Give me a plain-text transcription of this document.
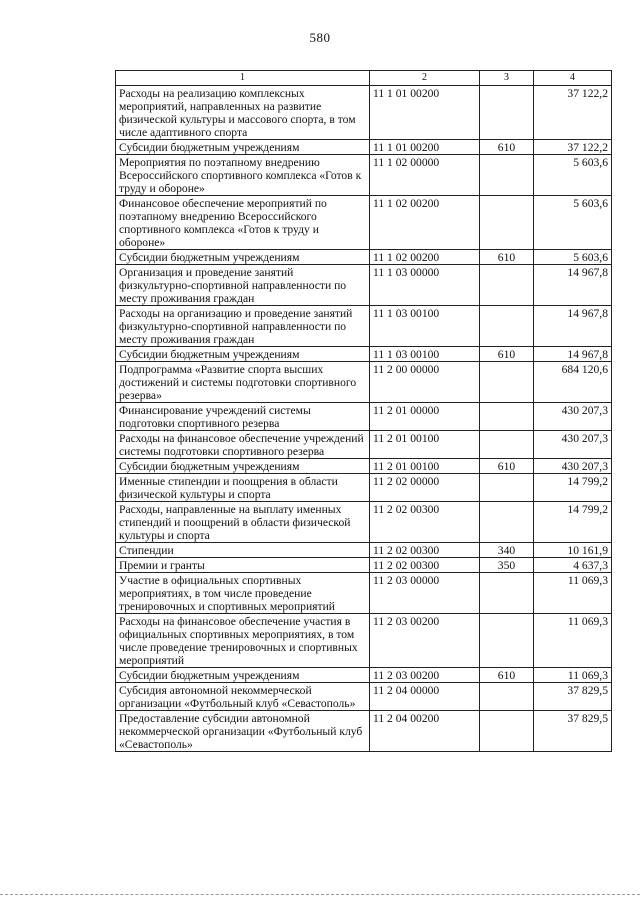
580
1	2	3	4
Расходы на реализацию комплексных мероприятий, направленных на развитие физической культуры и массового спорта, в том числе адаптивного спорта	11 1 01 00200		37 122,2
Субсидии бюджетным учреждениям	11 1 01 00200	610	37 122,2
Мероприятия по поэтапному внедрению Всероссийского спортивного комплекса «Готов к труду и обороне»	11 1 02 00000		5 603,6
Финансовое обеспечение мероприятий по поэтапному внедрению Всероссийского спортивного комплекса «Готов к труду и обороне»	11 1 02 00200		5 603,6
Субсидии бюджетным учреждениям	11 1 02 00200	610	5 603,6
Организация и проведение занятий физкультурно-спортивной направленности по месту проживания граждан	11 1 03 00000		14 967,8
Расходы на организацию и проведение занятий физкультурно-спортивной направленности по месту проживания граждан	11 1 03 00100		14 967,8
Субсидии бюджетным учреждениям	11 1 03 00100	610	14 967,8
Подпрограмма «Развитие спорта высших достижений и системы подготовки спортивного резерва»	11 2 00 00000		684 120,6
Финансирование учреждений системы подготовки спортивного резерва	11 2 01 00000		430 207,3
Расходы на финансовое обеспечение учреждений системы подготовки спортивного резерва	11 2 01 00100		430 207,3
Субсидии бюджетным учреждениям	11 2 01 00100	610	430 207,3
Именные стипендии и поощрения в области физической культуры и спорта	11 2 02 00000		14 799,2
Расходы, направленные на выплату именных стипендий и поощрений в области физической культуры и спорта	11 2 02 00300		14 799,2
Стипендии	11 2 02 00300	340	10 161,9
Премии и гранты	11 2 02 00300	350	4 637,3
Участие в официальных спортивных мероприятиях, в том числе проведение тренировочных и спортивных мероприятий	11 2 03 00000		11 069,3
Расходы на финансовое обеспечение участия в официальных спортивных мероприятиях, в том числе проведение тренировочных и спортивных мероприятий	11 2 03 00200		11 069,3
Субсидии бюджетным учреждениям	11 2 03 00200	610	11 069,3
Субсидия автономной некоммерческой организации «Футбольный клуб «Севастополь»	11 2 04 00000		37 829,5
Предоставление субсидии автономной некоммерческой организации «Футбольный клуб «Севастополь»	11 2 04 00200		37 829,5
